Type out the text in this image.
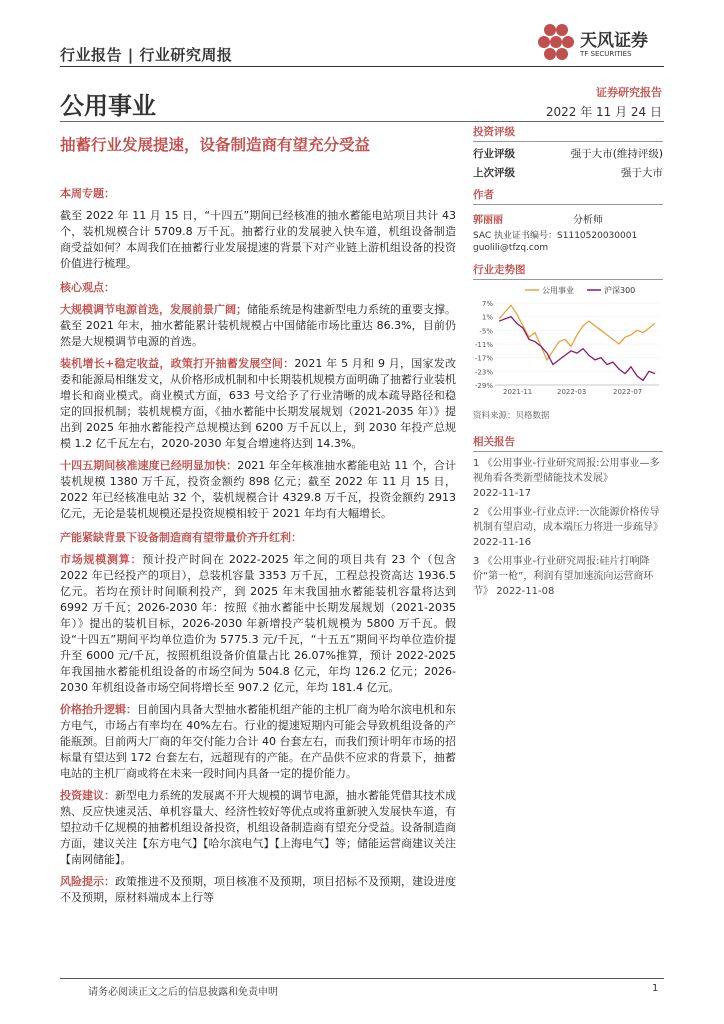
行业报告 | 行业研究周报
天风证券
TF SECURITIES
公用事业	证券研究报告
2022 年 11 月 24 日
抽蓄行业发展提速，设备制造商有望充分受益
投资评级
行业评级	强于大市(维持评级)
上次评级	强于大市
作者
郭丽丽	分析师
SAC 执业证书编号：S1110520030001
guolili@tfzq.com
行业走势图
公用事业	沪深300
7%
1%
-5%
-11%
-17%
-23%
-29%
2021-11	2022-03	2022-07
资料来源：贝格数据
相关报告
1 《公用事业-行业研究周报:公用事业—多视角看各类新型储能技术发展》
2022-11-17
2 《公用事业-行业点评:一次能源价格传导机制有望启动，成本端压力将进一步疏导》 2022-11-16
3 《公用事业-行业研究周报:硅片打响降价“第一枪”，利润有望加速流向运营商环节》 2022-11-08
本周专题：

截至 2022 年 11 月 15 日，“十四五”期间已经核准的抽水蓄能电站项目共计 43 个，装机规模合计 5709.8 万千瓦。抽蓄行业的发展驶入快车道，机组设备制造商受益如何？本周我们在抽蓄行业发展提速的背景下对产业链上游机组设备的投资价值进行梳理。

核心观点：

大规模调节电源首选，发展前景广阔；储能系统是构建新型电力系统的重要支撑。截至 2021 年末，抽水蓄能累计装机规模占中国储能市场比重达 86.3%，目前仍然是大规模调节电源的首选。

装机增长+稳定收益，政策打开抽蓄发展空间：2021 年 5 月和 9 月，国家发改委和能源局相继发文，从价格形成机制和中长期装机规模方面明确了抽蓄行业装机增长和商业模式。商业模式方面，633 号文给予了行业清晰的成本疏导路径和稳定的回报机制；装机规模方面，《抽水蓄能中长期发展规划（2021-2035 年）》提出到 2025 年抽水蓄能投产总规模达到 6200 万千瓦以上，到 2030 年投产总规模 1.2 亿千瓦左右，2020-2030 年复合增速将达到 14.3%。

十四五期间核准速度已经明显加快：2021 年全年核准抽水蓄能电站 11 个，合计装机规模 1380 万千瓦，投资金额约 898 亿元；截至 2022 年 11 月 15 日，2022 年已经核准电站 32 个，装机规模合计 4329.8 万千瓦，投资金额约 2913 亿元，无论是装机规模还是投资规模相较于 2021 年均有大幅增长。

产能紧缺背景下设备制造商有望带量价齐升红利：

市场规模测算：预计投产时间在 2022-2025 年之间的项目共有 23 个（包含 2022 年已经投产的项目），总装机容量 3353 万千瓦，工程总投资高达 1936.5 亿元。若均在预计时间顺利投产，到 2025 年末我国抽水蓄能装机容量将达到 6992 万千瓦；2026-2030 年：按照《抽水蓄能中长期发展规划（2021-2035 年）》提出的装机目标，2026-2030 年新增投产装机规模为 5800 万千瓦。假设“十四五”期间平均单位造价为 5775.3 元/千瓦，“十五五”期间平均单位造价提升至 6000 元/千瓦，按照机组设备价值量占比 26.07%推算，预计 2022-2025 年我国抽水蓄能机组设备的市场空间为 504.8 亿元，年均 126.2 亿元；2026-2030 年机组设备市场空间将增长至 907.2 亿元，年均 181.4 亿元。

价格抬升逻辑：目前国内具备大型抽水蓄能机组产能的主机厂商为哈尔滨电机和东方电气，市场占有率均在 40%左右。行业的提速短期内可能会导致机组设备的产能瓶颈。目前两大厂商的年交付能力合计 40 台套左右，而我们预计明年市场的招标量有望达到 172 台套左右，远超现有的产能。在产品供不应求的背景下，抽蓄电站的主机厂商或将在未来一段时间内具备一定的提价能力。

投资建议：新型电力系统的发展离不开大规模的调节电源，抽水蓄能凭借其技术成熟、反应快速灵活、单机容量大、经济性较好等优点或将重新驶入发展快车道，有望拉动千亿规模的抽蓄机组设备投资，机组设备制造商有望充分受益。设备制造商方面，建议关注【东方电气】【哈尔滨电气】【上海电气】等；储能运营商建议关注【南网储能】。

风险提示：政策推进不及预期，项目核准不及预期，项目招标不及预期，建设进度不及预期，原材料端成本上行等

请务必阅读正文之后的信息披露和免责申明	1
